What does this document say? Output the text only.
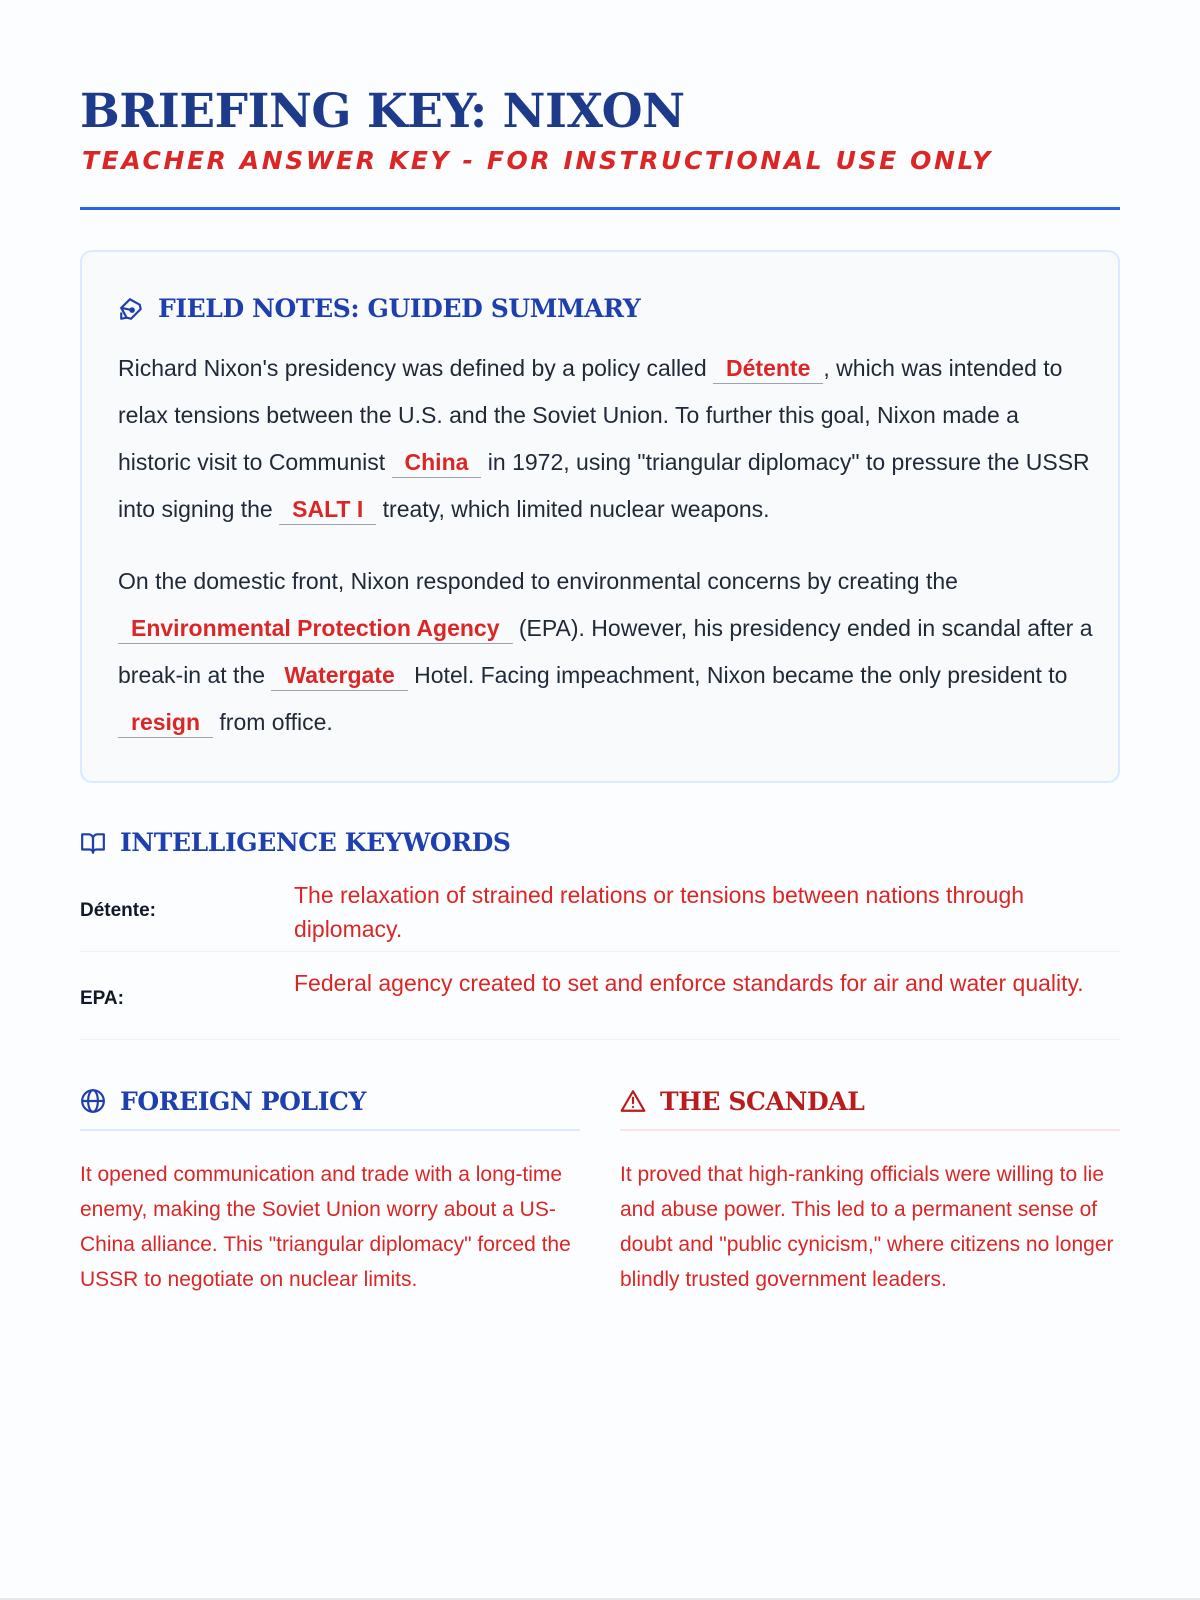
BRIEFING KEY: NIXON
TEACHER ANSWER KEY - FOR INSTRUCTIONAL USE ONLY
FIELD NOTES: GUIDED SUMMARY

Richard Nixon's presidency was defined by a policy called Détente , which was intended to relax tensions between the U.S. and the Soviet Union. To further this goal, Nixon made a historic visit to Communist China in 1972, using "triangular diplomacy" to pressure the USSR into signing the SALT I treaty, which limited nuclear weapons.

On the domestic front, Nixon responded to environmental concerns by creating the Environmental Protection Agency (EPA). However, his presidency ended in scandal after a break-in at the Watergate Hotel. Facing impeachment, Nixon became the only president to resign from office.

INTELLIGENCE KEYWORDS
Détente:
The relaxation of strained relations or tensions between nations through diplomacy.
EPA:
Federal agency created to set and enforce standards for air and water quality.
FOREIGN POLICY

It opened communication and trade with a long-time enemy, making the Soviet Union worry about a US-China alliance. This "triangular diplomacy" forced the USSR to negotiate on nuclear limits.

THE SCANDAL

It proved that high-ranking officials were willing to lie and abuse power. This led to a permanent sense of doubt and "public cynicism," where citizens no longer blindly trusted government leaders.
